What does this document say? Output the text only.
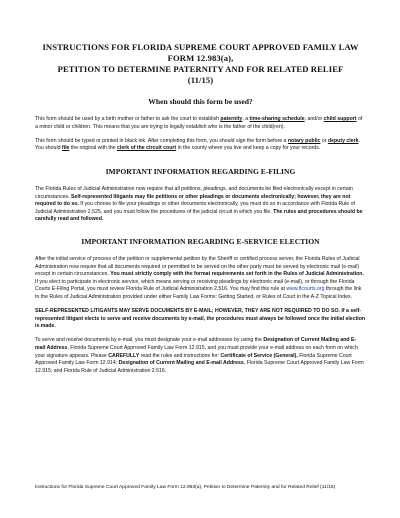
INSTRUCTIONS FOR FLORIDA SUPREME COURT APPROVED FAMILY LAW
FORM 12.983(a),
PETITION TO DETERMINE PATERNITY AND FOR RELATED RELIEF
(11/15)
When should this form be used?

This form should be used by a birth mother or father to ask the court to establish paternity, a time-sharing schedule, and/or child support of a minor child or children. This means that you are trying to legally establish who is the father of the child(ren).

This form should be typed or printed in black ink. After completing this form, you should sign the form before a notary public or deputy clerk. You should file the original with the clerk of the circuit court in the county where you live and keep a copy for your records.

IMPORTANT INFORMATION REGARDING E-FILING

The Florida Rules of Judicial Administration now require that all petitions, pleadings, and documents be filed electronically except in certain circumstances. Self-represented litigants may file petitions or other pleadings or documents electronically; however, they are not required to do so. If you choose to file your pleadings or other documents electronically, you must do so in accordance with Florida Rule of Judicial Administration 2.525, and you must follow the procedures of the judicial circuit in which you file. The rules and procedures should be carefully read and followed.

IMPORTANT INFORMATION REGARDING E-SERVICE ELECTION

After the initial service of process of the petition or supplemental petition by the Sheriff or certified process server, the Florida Rules of Judicial Administration now require that all documents required or permitted to be served on the other party must be served by electronic mail (e-mail) except in certain circumstances. You must strictly comply with the format requirements set forth in the Rules of Judicial Administration. If you elect to participate in electronic service, which means serving or receiving pleadings by electronic mail (e-mail), or through the Florida Courts E-Filing Portal, you must review Florida Rule of Judicial Administration 2.516. You may find this rule at www.flcourts.org through the link to the Rules of Judicial Administration provided under either Family Law Forms: Getting Started, or Rules of Court in the A-Z Topical Index.

SELF-REPRESENTED LITIGANTS MAY SERVE DOCUMENTS BY E-MAIL; HOWEVER, THEY ARE NOT REQUIRED TO DO SO. If a self-represented litigant elects to serve and receive documents by e-mail, the procedures must always be followed once the initial election is made.

To serve and receive documents by e-mail, you must designate your e-mail addresses by using the Designation of Current Mailing and E-mail Address, Florida Supreme Court Approved Family Law Form 12.915, and you must provide your e-mail address on each form on which your signature appears. Please CAREFULLY read the rules and instructions for: Certificate of Service (General), Florida Supreme Court Approved Family Law Form 12.914; Designation of Current Mailing and E-mail Address, Florida Supreme Court Approved Family Law Form 12.915; and Florida Rule of Judicial Administration 2.516.

Instructions for Florida Supreme Court Approved Family Law Form 12.983(a), Petition to Determine Paternity and for Related Relief (11/15)
